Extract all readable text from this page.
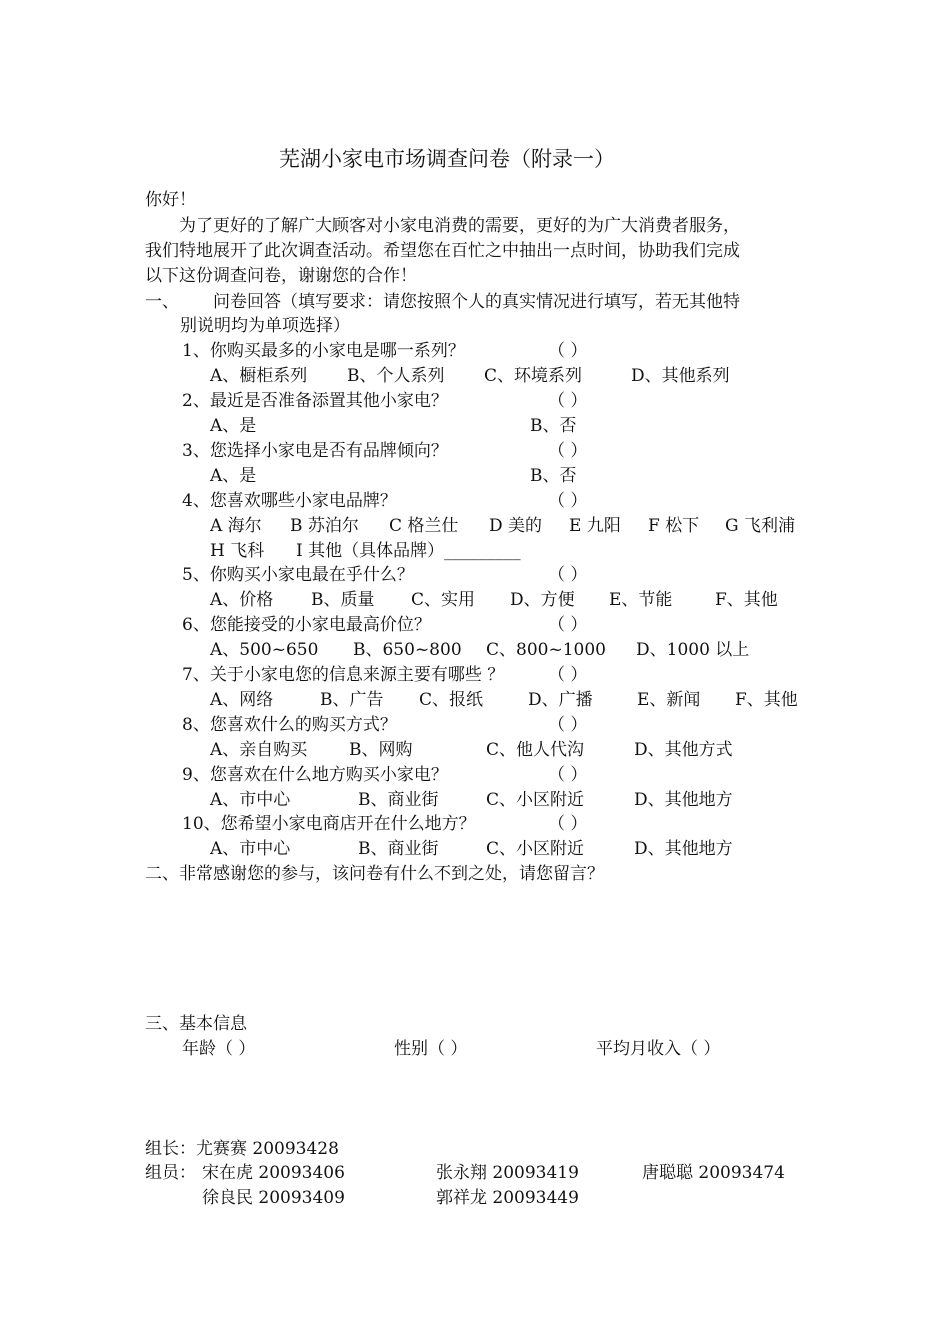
芜湖小家电市场调查问卷（附录一）
你好！
为了更好的了解广大顾客对小家电消费的需要，更好的为广大消费者服务，
我们特地展开了此次调查活动。希望您在百忙之中抽出一点时间，协助我们完成
以下这份调查问卷，谢谢您的合作！
一、 问卷回答（填写要求：请您按照个人的真实情况进行填写，若无其他特
别说明均为单项选择）
1、你购买最多的小家电是哪一系列？	（ ）
A、橱柜系列 B、个人系列 C、环境系列	D、其他系列
2、最近是否准备添置其他小家电？	（ ）
A、是	B、否
3、您选择小家电是否有品牌倾向？	（ ）
A、是	B、否
4、您喜欢哪些小家电品牌？	（ ）
A 海尔 B 苏泊尔 C 格兰仕 D 美的 E 九阳 F 松下 G 飞利浦
H 飞科 I 其他（具体品牌）_________
5、你购买小家电最在乎什么？	（ ）
A、价格 B、质量 C、实用 D、方便 E、节能	F、其他
6、您能接受的小家电最高价位？	（ ）
A、500~650 B、650~800 C、800~1000 D、1000 以上
7、关于小家电您的信息来源主要有哪些 ？	（ ）
A、网络	B、广告 C、报纸	D、广播	E、新闻 F、其他
8、您喜欢什么的购买方式？	（ ）
A、亲自购买 B、网购	C、他人代沟	D、其他方式
9、您喜欢在什么地方购买小家电？	（ ）
A、市中心	B、商业街	C、小区附近	D、其他地方
10、您希望小家电商店开在什么地方？	（ ）
A、市中心	B、商业街	C、小区附近	D、其他地方
二、非常感谢您的参与，该问卷有什么不到之处，请您留言？
三、基本信息
年龄（ ）	性别（ ）	平均月收入（ ）
组长：尤赛赛 20093428
组员： 宋在虎 20093406	张永翔 20093419	唐聪聪 20093474
徐良民 20093409	郭祥龙 20093449
